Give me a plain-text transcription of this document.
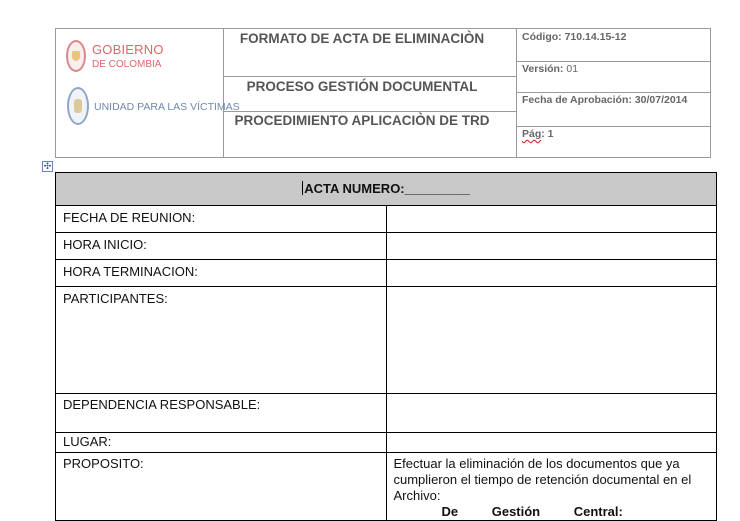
GOBIERNO
DE COLOMBIA
UNIDAD PARA LAS VÍCTIMAS
FORMATO DE ACTA DE ELIMINACIÒN
PROCESO GESTIÓN DOCUMENTAL
PROCEDIMIENTO APLICACIÒN DE TRD
Código: 710.14.15-12
Versión: 01
Fecha de Aprobación: 30/07/2014
Pág: 1
✣
ACTA NUMERO:_________	
FECHA DE REUNION:	
HORA INICIO:	
HORA TERMINACION:	
PARTICIPANTES:	
DEPENDENCIA RESPONSABLE:	
LUGAR:	
PROPOSITO:	Efectuar la eliminación de los documentos que ya cumplieron el tiempo de retención documental en el Archivo:
De Gestión Central:
